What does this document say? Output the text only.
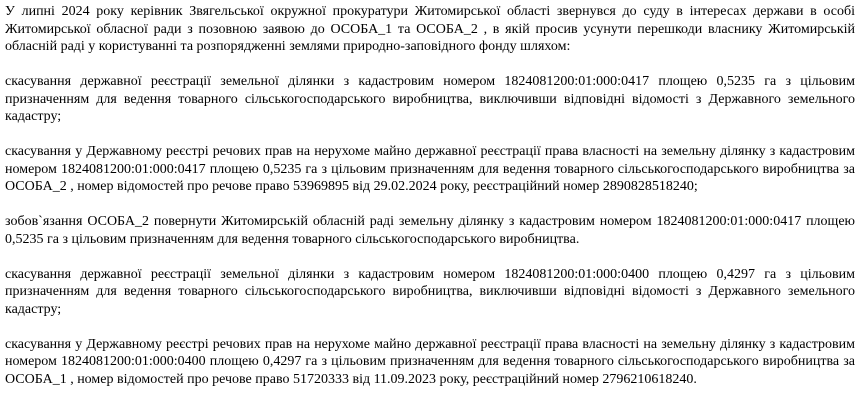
У липні 2024 року керівник Звягельської окружної прокуратури Житомирської області звернувся до суду в інтересах держави в особі Житомирської обласної ради з позовною заявою до ОСОБА_1 та ОСОБА_2 , в якій просив усунути перешкоди власнику Житомирській обласній раді у користуванні та розпорядженні землями природно-заповідного фонду шляхом:

скасування державної реєстрації земельної ділянки з кадастровим номером 1824081200:01:000:0417 площею 0,5235 га з цільовим призначенням для ведення товарного сільськогосподарського виробництва, виключивши відповідні відомості з Державного земельного кадастру;

скасування у Державному реєстрі речових прав на нерухоме майно державної реєстрації права власності на земельну ділянку з кадастровим номером 1824081200:01:000:0417 площею 0,5235 га з цільовим призначенням для ведення товарного сільськогосподарського виробництва за ОСОБА_2 , номер відомостей про речове право 53969895 від 29.02.2024 року, реєстраційний номер 2890828518240;

зобов`язання ОСОБА_2 повернути Житомирській обласній раді земельну ділянку з кадастровим номером 1824081200:01:000:0417 площею 0,5235 га з цільовим призначенням для ведення товарного сільськогосподарського виробництва.

скасування державної реєстрації земельної ділянки з кадастровим номером 1824081200:01:000:0400 площею 0,4297 га з цільовим призначенням для ведення товарного сільськогосподарського виробництва, виключивши відповідні відомості з Державного земельного кадастру;

скасування у Державному реєстрі речових прав на нерухоме майно державної реєстрації права власності на земельну ділянку з кадастровим номером 1824081200:01:000:0400 площею 0,4297 га з цільовим призначенням для ведення товарного сільськогосподарського виробництва за ОСОБА_1 , номер відомостей про речове право 51720333 від 11.09.2023 року, реєстраційний номер 2796210618240.
